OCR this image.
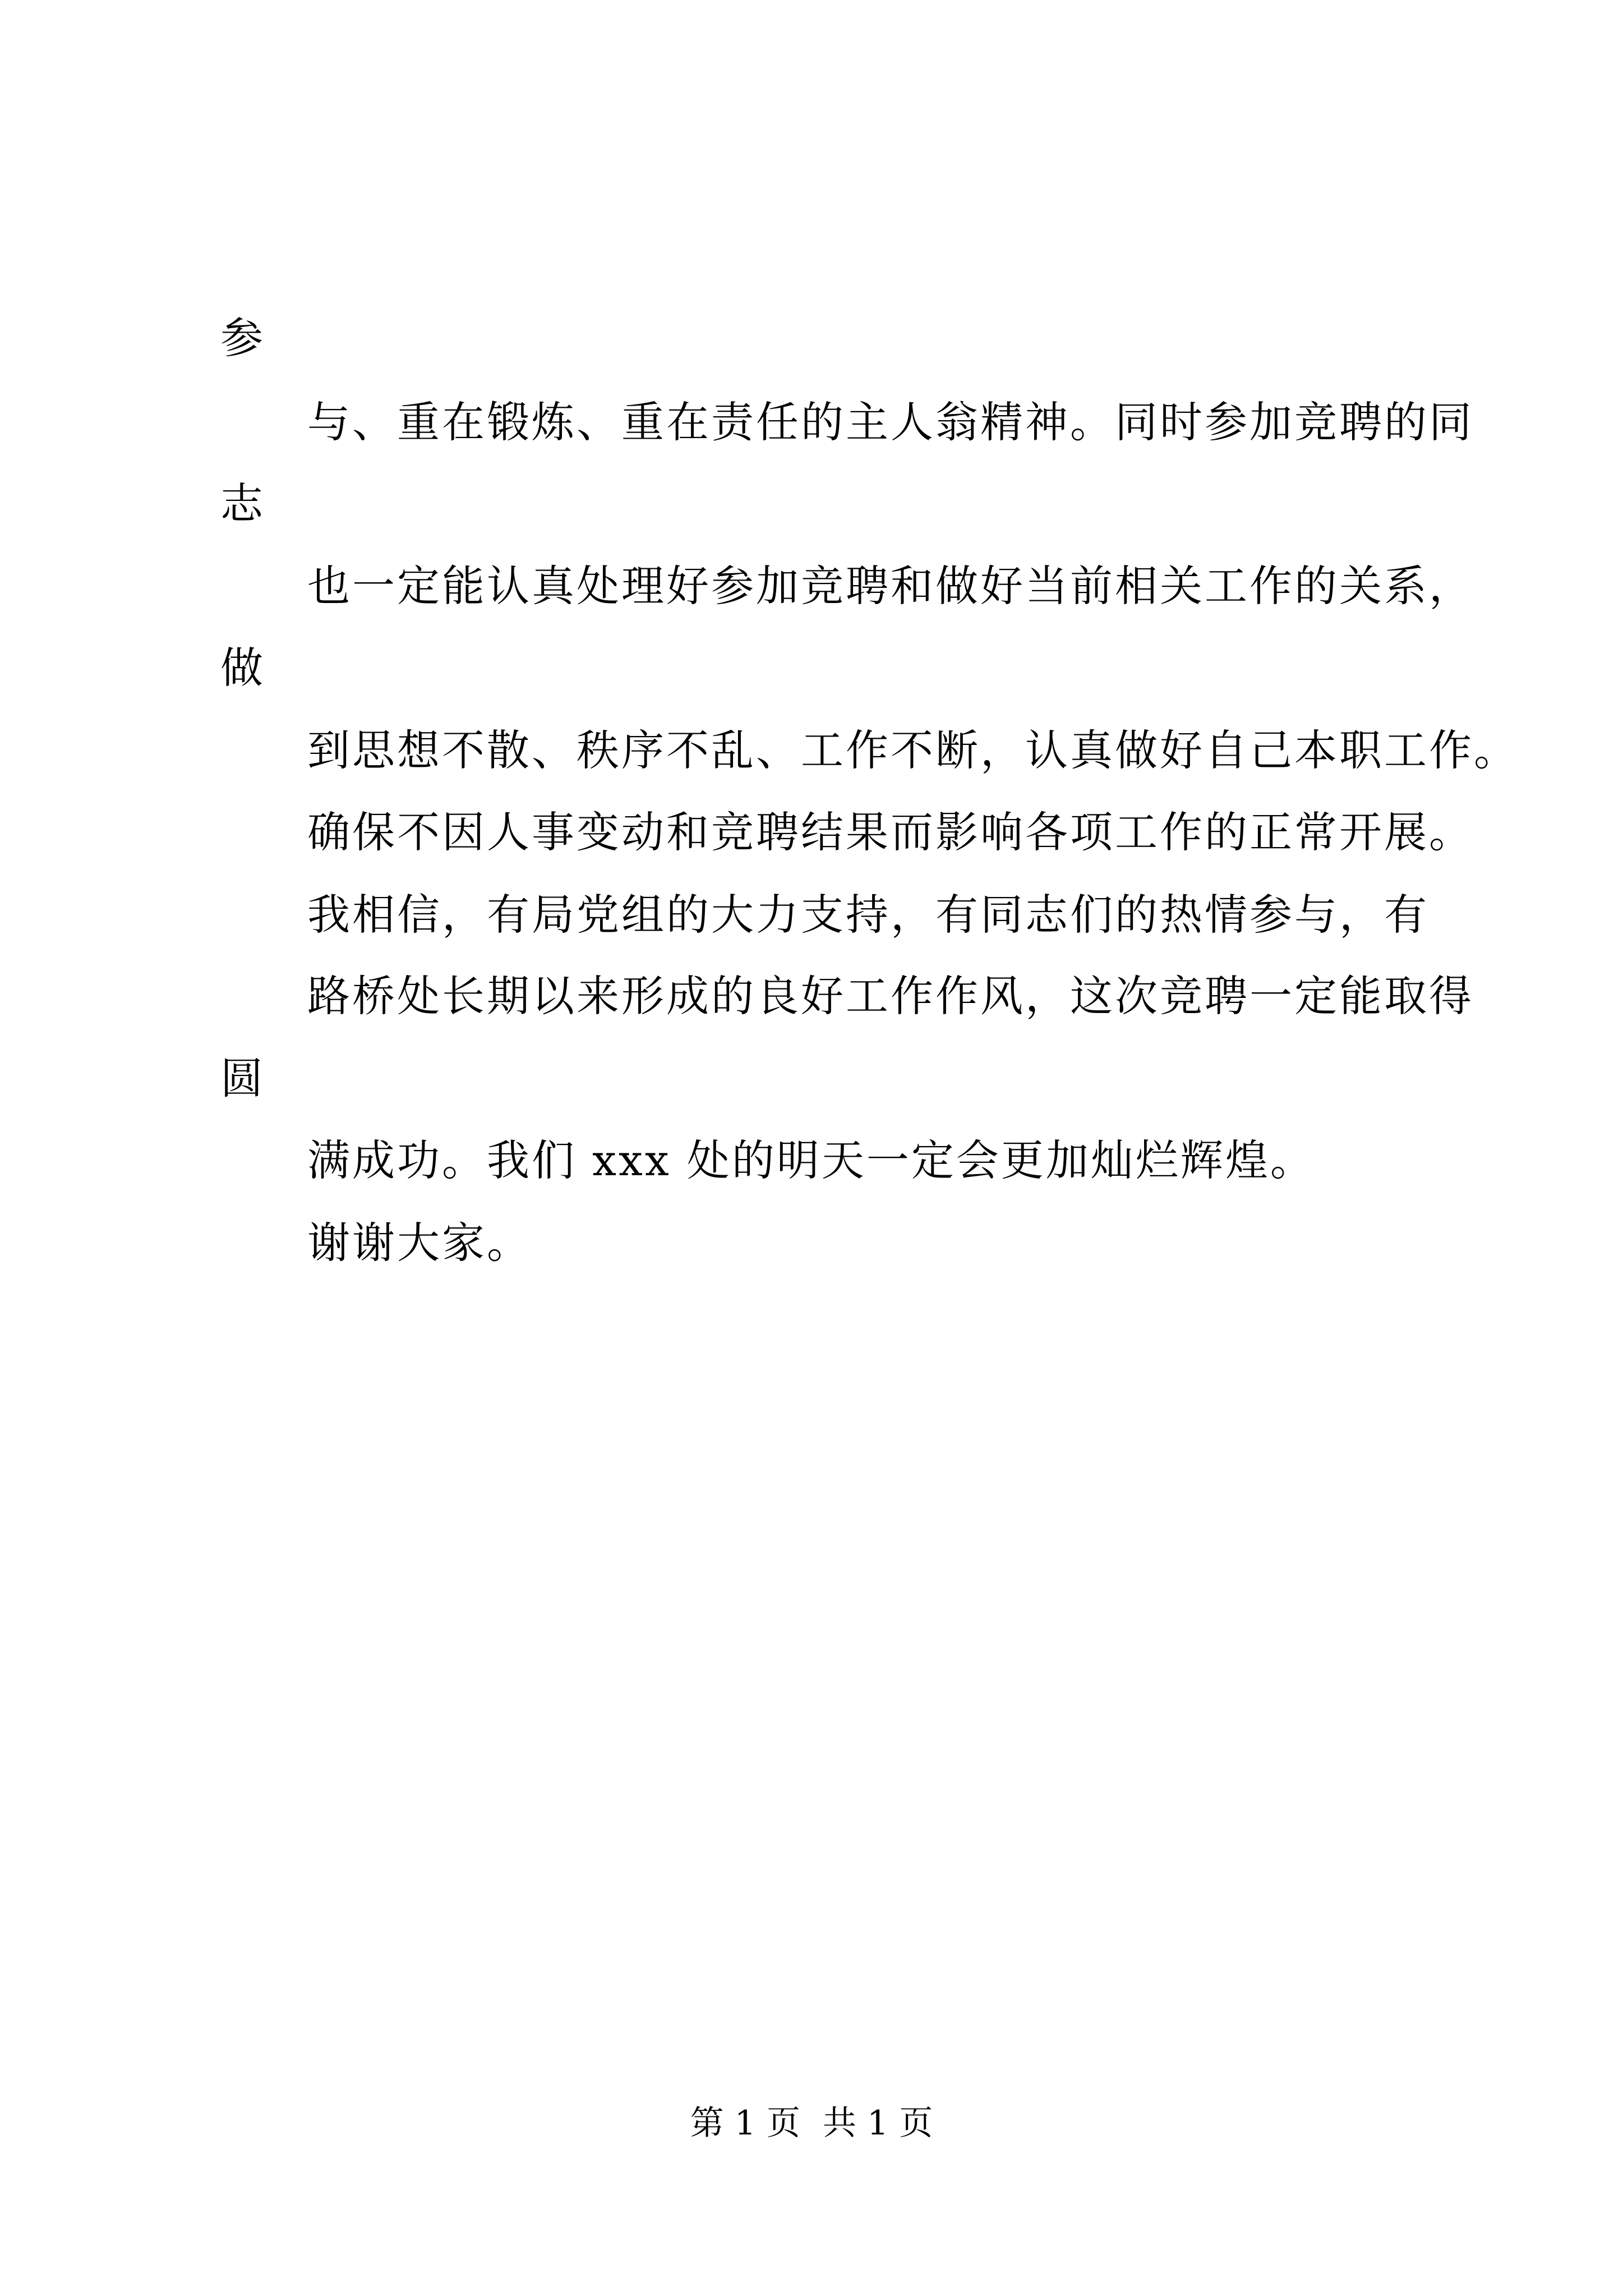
参
与、重在锻炼、重在责任的主人翁精神。同时参加竞聘的同
志
也一定能认真处理好参加竞聘和做好当前相关工作的关系，
做
到思想不散、秩序不乱、工作不断，认真做好自己本职工作。
确保不因人事变动和竞聘结果而影响各项工作的正常开展。
我相信，有局党组的大力支持，有同志们的热情参与，有
路桥处长期以来形成的良好工作作风，这次竞聘一定能取得
圆
满成功。我们 xxx 处的明天一定会更加灿烂辉煌。
谢谢大家。
第 1 页 共 1 页
